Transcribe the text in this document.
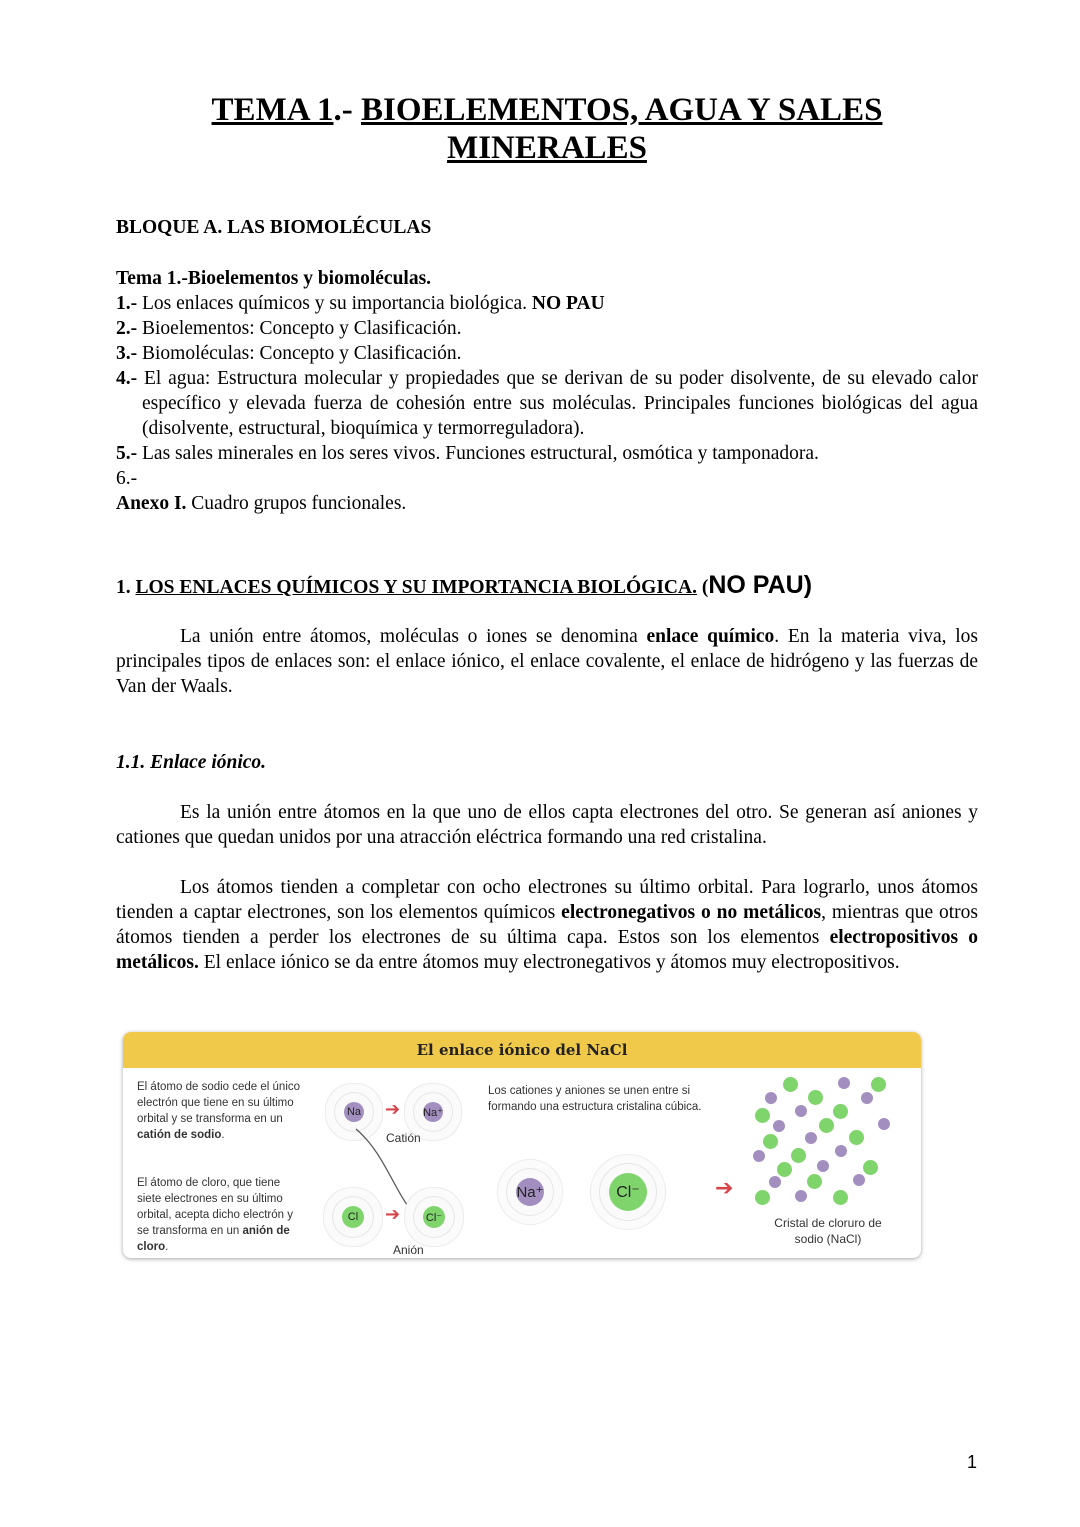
TEMA 1.- BIOELEMENTOS, AGUA Y SALES
MINERALES
BLOQUE A. LAS BIOMOLÉCULAS
Tema 1.-Bioelementos y biomoléculas.
1.- Los enlaces químicos y su importancia biológica. NO PAU
2.- Bioelementos: Concepto y Clasificación.
3.- Biomoléculas: Concepto y Clasificación.
4.- El agua: Estructura molecular y propiedades que se derivan de su poder disolvente, de su elevado calor específico y elevada fuerza de cohesión entre sus moléculas. Principales funciones biológicas del agua (disolvente, estructural, bioquímica y termorreguladora).
5.- Las sales minerales en los seres vivos. Funciones estructural, osmótica y tamponadora.
6.-
Anexo I. Cuadro grupos funcionales.
1. LOS ENLACES QUÍMICOS Y SU IMPORTANCIA BIOLÓGICA. (NO PAU)

La unión entre átomos, moléculas o iones se denomina enlace químico. En la materia viva, los principales tipos de enlaces son: el enlace iónico, el enlace covalente, el enlace de hidrógeno y las fuerzas de Van der Waals.

1.1. Enlace iónico.

Es la unión entre átomos en la que uno de ellos capta electrones del otro. Se generan así aniones y cationes que quedan unidos por una atracción eléctrica formando una red cristalina.

Los átomos tienden a completar con ocho electrones su último orbital. Para lograrlo, unos átomos tienden a captar electrones, son los elementos químicos electronegativos o no metálicos, mientras que otros átomos tienden a perder los electrones de su última capa. Estos son los elementos electropositivos o metálicos. El enlace iónico se da entre átomos muy electronegativos y átomos muy electropositivos.

El enlace iónico del NaCl
El átomo de sodio cede el único electrón que tiene en su último orbital y se transforma en un catión de sodio.
El átomo de cloro, que tiene siete electrones en su último orbital, acepta dicho electrón y se transforma en un anión de cloro.
Na ➔ Na⁺
Catión
Cl	➔ Cl⁻
Anión
Los cationes y aniones se unen entre si formando una estructura cristalina cúbica.
Na⁺	Cl⁻	➔
Cristal de cloruro de sodio (NaCl)
1
